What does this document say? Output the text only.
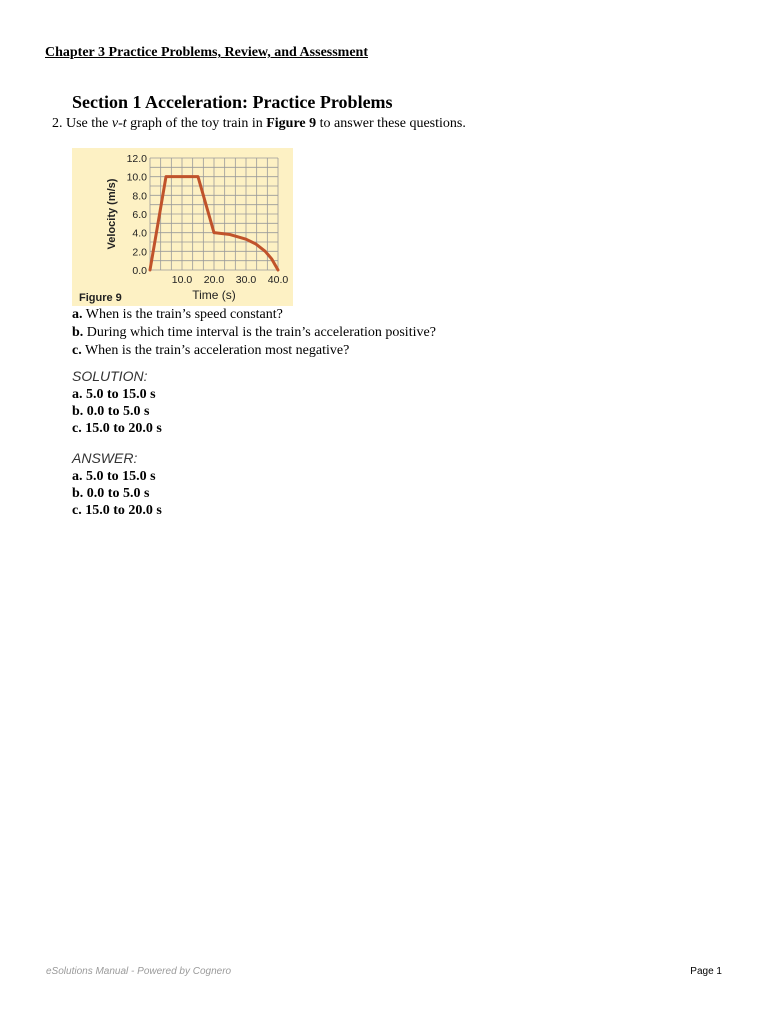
Chapter 3 Practice Problems, Review, and Assessment
Section 1 Acceleration: Practice Problems
2. Use the v-t graph of the toy train in Figure 9 to answer these questions.
0.0
2.0
4.0
6.0
8.0
10.0
12.0
10.0 20.0 30.0 40.0
Velocity (m/s)
Time (s)
Figure 9
a. When is the train’s speed constant?
b. During which time interval is the train’s acceleration positive?
c. When is the train’s acceleration most negative?
SOLUTION:
a. 5.0 to 15.0 s
b. 0.0 to 5.0 s
c. 15.0 to 20.0 s
ANSWER:
a. 5.0 to 15.0 s
b. 0.0 to 5.0 s
c. 15.0 to 20.0 s
eSolutions Manual - Powered by Cognero	Page 1
